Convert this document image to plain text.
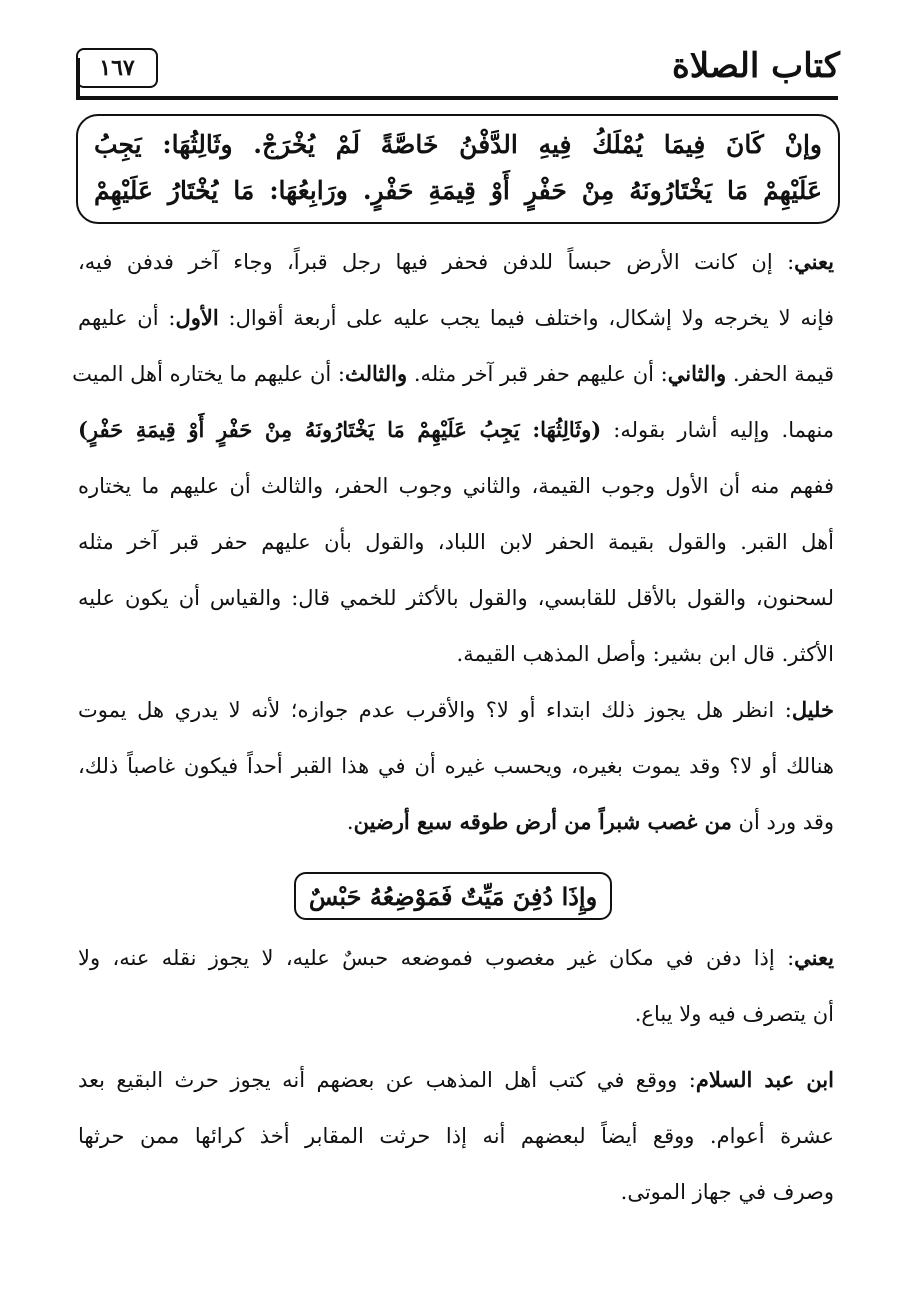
كتاب الصلاة
١٦٧
وإنْ كَانَ فِيمَا يُمْلَكُ فِيهِ الدَّفْنُ خَاصَّةً لَمْ يُخْرَجْ. وثَالِثُهَا: يَجِبُ
عَلَيْهِمْ مَا يَخْتَارُونَهُ مِنْ حَفْرٍ أَوْ قِيمَةِ حَفْرٍ. ورَابِعُهَا: مَا يُخْتَارُ عَلَيْهِمْ
يعني: إن كانت الأرض حبساً للدفن فحفر فيها رجل قبراً، وجاء آخر فدفن فيه،
فإنه لا يخرجه ولا إشكال، واختلف فيما يجب عليه على أربعة أقوال: الأول: أن عليهم
قيمة الحفر. والثاني: أن عليهم حفر قبر آخر مثله. والثالث: أن عليهم ما يختاره أهل الميت
منهما. وإليه أشار بقوله: (وثَالِثُهَا: يَجِبُ عَلَيْهِمْ مَا يَخْتَارُونَهُ مِنْ حَفْرٍ أَوْ قِيمَةِ حَفْرٍ)
ففهم منه أن الأول وجوب القيمة، والثاني وجوب الحفر، والثالث أن عليهم ما يختاره
أهل القبر. والقول بقيمة الحفر لابن اللباد، والقول بأن عليهم حفر قبر آخر مثله
لسحنون، والقول بالأقل للقابسي، والقول بالأكثر للخمي قال: والقياس أن يكون عليه
الأكثر. قال ابن بشير: وأصل المذهب القيمة.
خليل: انظر هل يجوز ذلك ابتداء أو لا؟ والأقرب عدم جوازه؛ لأنه لا يدري هل يموت
هنالك أو لا؟ وقد يموت بغيره، ويحسب غيره أن في هذا القبر أحداً فيكون غاصباً ذلك،
وقد ورد أن من غصب شبراً من أرض طوقه سبع أرضين.
وإِذَا دُفِنَ مَيِّتٌ فَمَوْضِعُهُ حَبْسٌ
يعني: إذا دفن في مكان غير مغصوب فموضعه حبسٌ عليه، لا يجوز نقله عنه، ولا
أن يتصرف فيه ولا يباع.
ابن عبد السلام: ووقع في كتب أهل المذهب عن بعضهم أنه يجوز حرث البقيع بعد
عشرة أعوام. ووقع أيضاً لبعضهم أنه إذا حرثت المقابر أخذ كرائها ممن حرثها
وصرف في جهاز الموتى.
